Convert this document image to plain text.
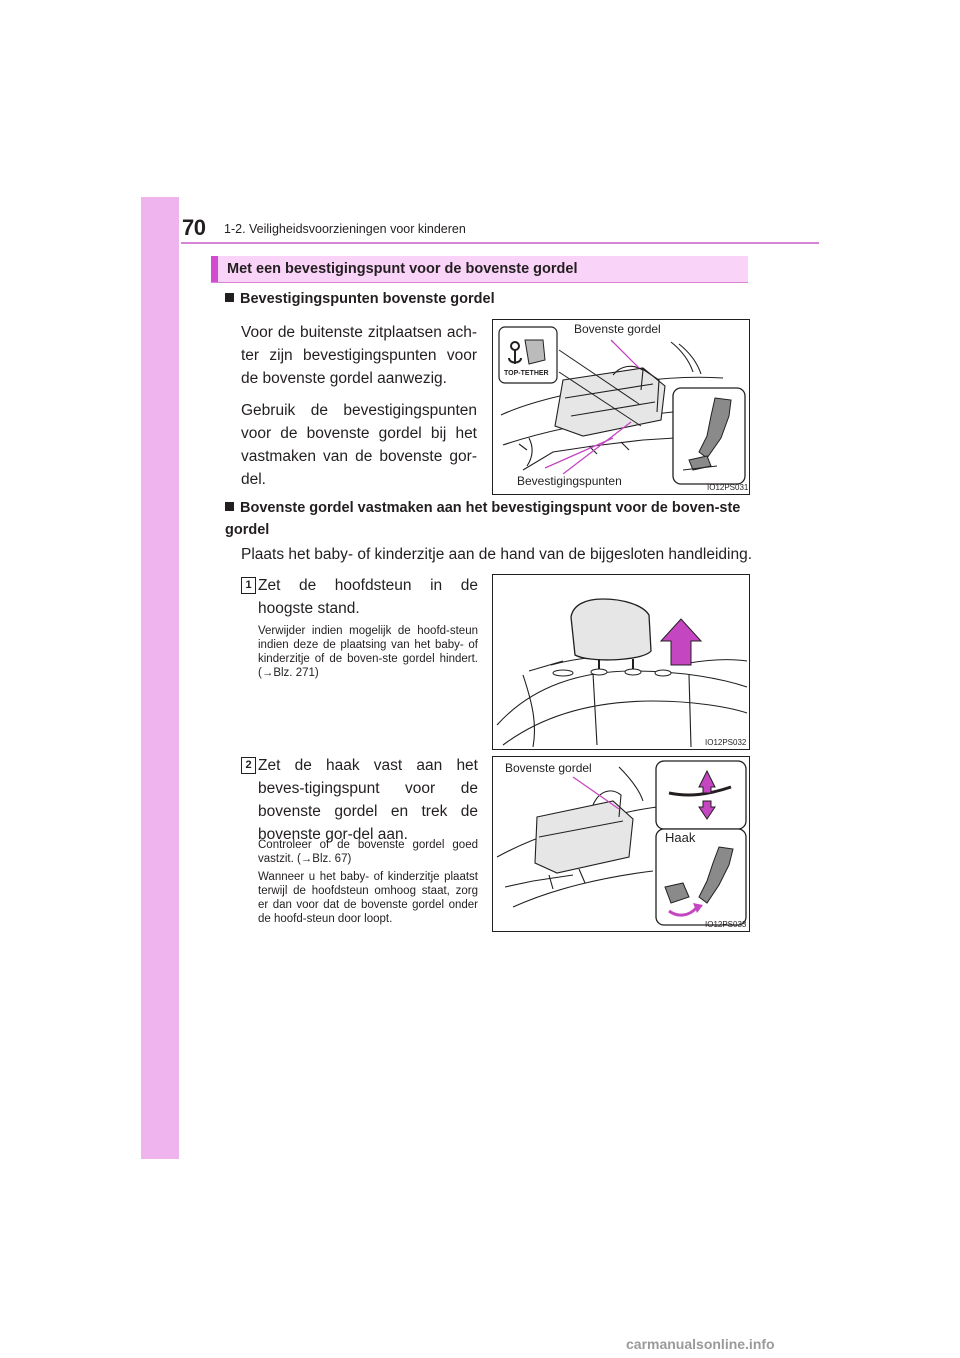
70 1-2. Veiligheidsvoorzieningen voor kinderen
Met een bevestigingspunt voor de bovenste gordel
Bevestigingspunten bovenste gordel

Voor de buitenste zitplaatsen ach-ter zijn bevestigingspunten voor de bovenste gordel aanwezig.

Gebruik de bevestigingspunten voor de bovenste gordel bij het vastmaken van de bovenste gor-del.

TOP-TETHER
Bovenste gordel
Bevestigingspunten	IO12PS031
Bovenste gordel vastmaken aan het bevestigingspunt voor de boven-ste gordel
Plaats het baby- of kinderzitje aan de hand van de bijgesloten handleiding.
1 Zet de hoofdsteun in de hoogste stand.
Verwijder indien mogelijk de hoofd-steun indien deze de plaatsing van het baby- of kinderzitje of de boven-ste gordel hindert. (→Blz. 271)
IO12PS032
2 Zet de haak vast aan het beves-tigingspunt voor de bovenste gordel en trek de bovenste gor-del aan.

Controleer of de bovenste gordel goed vastzit. (→Blz. 67)

Wanneer u het baby- of kinderzitje plaatst terwijl de hoofdsteun omhoog staat, zorg er dan voor dat de bovenste gordel onder de hoofd-steun door loopt.

Bovenste gordel
Haak
IO12PS033
carmanualsonline.info
